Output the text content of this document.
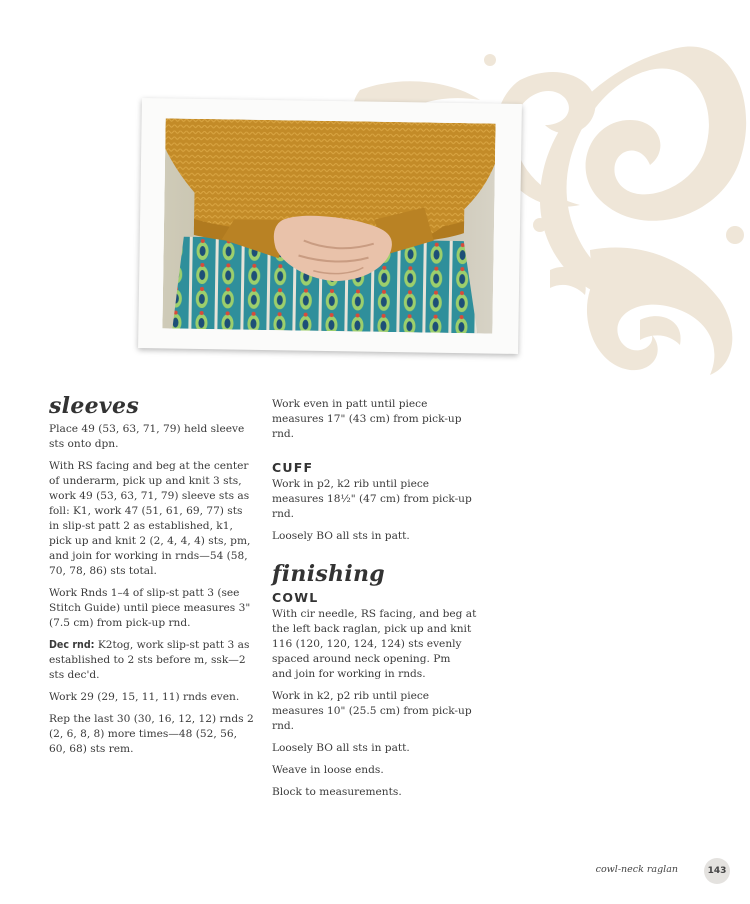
sleeves

Place 49 (53, 63, 71, 79) held sleeve sts onto dpn.

With RS facing and beg at the center of underarm, pick up and knit 3 sts, work 49 (53, 63, 71, 79) sleeve sts as foll: K1, work 47 (51, 61, 69, 77) sts in slip-st patt 2 as established, k1, pick up and knit 2 (2, 4, 4, 4) sts, pm, and join for working in rnds—54 (58, 70, 78, 86) sts total.

Work Rnds 1–4 of slip-st patt 3 (see Stitch Guide) until piece measures 3" (7.5 cm) from pick-up rnd.

Dec rnd: K2tog, work slip-st patt 3 as established to 2 sts before m, ssk—2 sts dec'd.

Work 29 (29, 15, 11, 11) rnds even.

Rep the last 30 (30, 16, 12, 12) rnds 2 (2, 6, 8, 8) more times—48 (52, 56, 60, 68) sts rem.

Work even in patt until piece measures 17" (43 cm) from pick-up rnd.

CUFF

Work in p2, k2 rib until piece measures 18½" (47 cm) from pick-up rnd.

Loosely BO all sts in patt.

finishing
COWL

With cir needle, RS facing, and beg at the left back raglan, pick up and knit 116 (120, 120, 124, 124) sts evenly spaced around neck opening. Pm

and join for working in rnds.

Work in k2, p2 rib until piece measures 10" (25.5 cm) from pick-up rnd.

Loosely BO all sts in patt.

Weave in loose ends.

Block to measurements.

cowl-neck raglan	143
